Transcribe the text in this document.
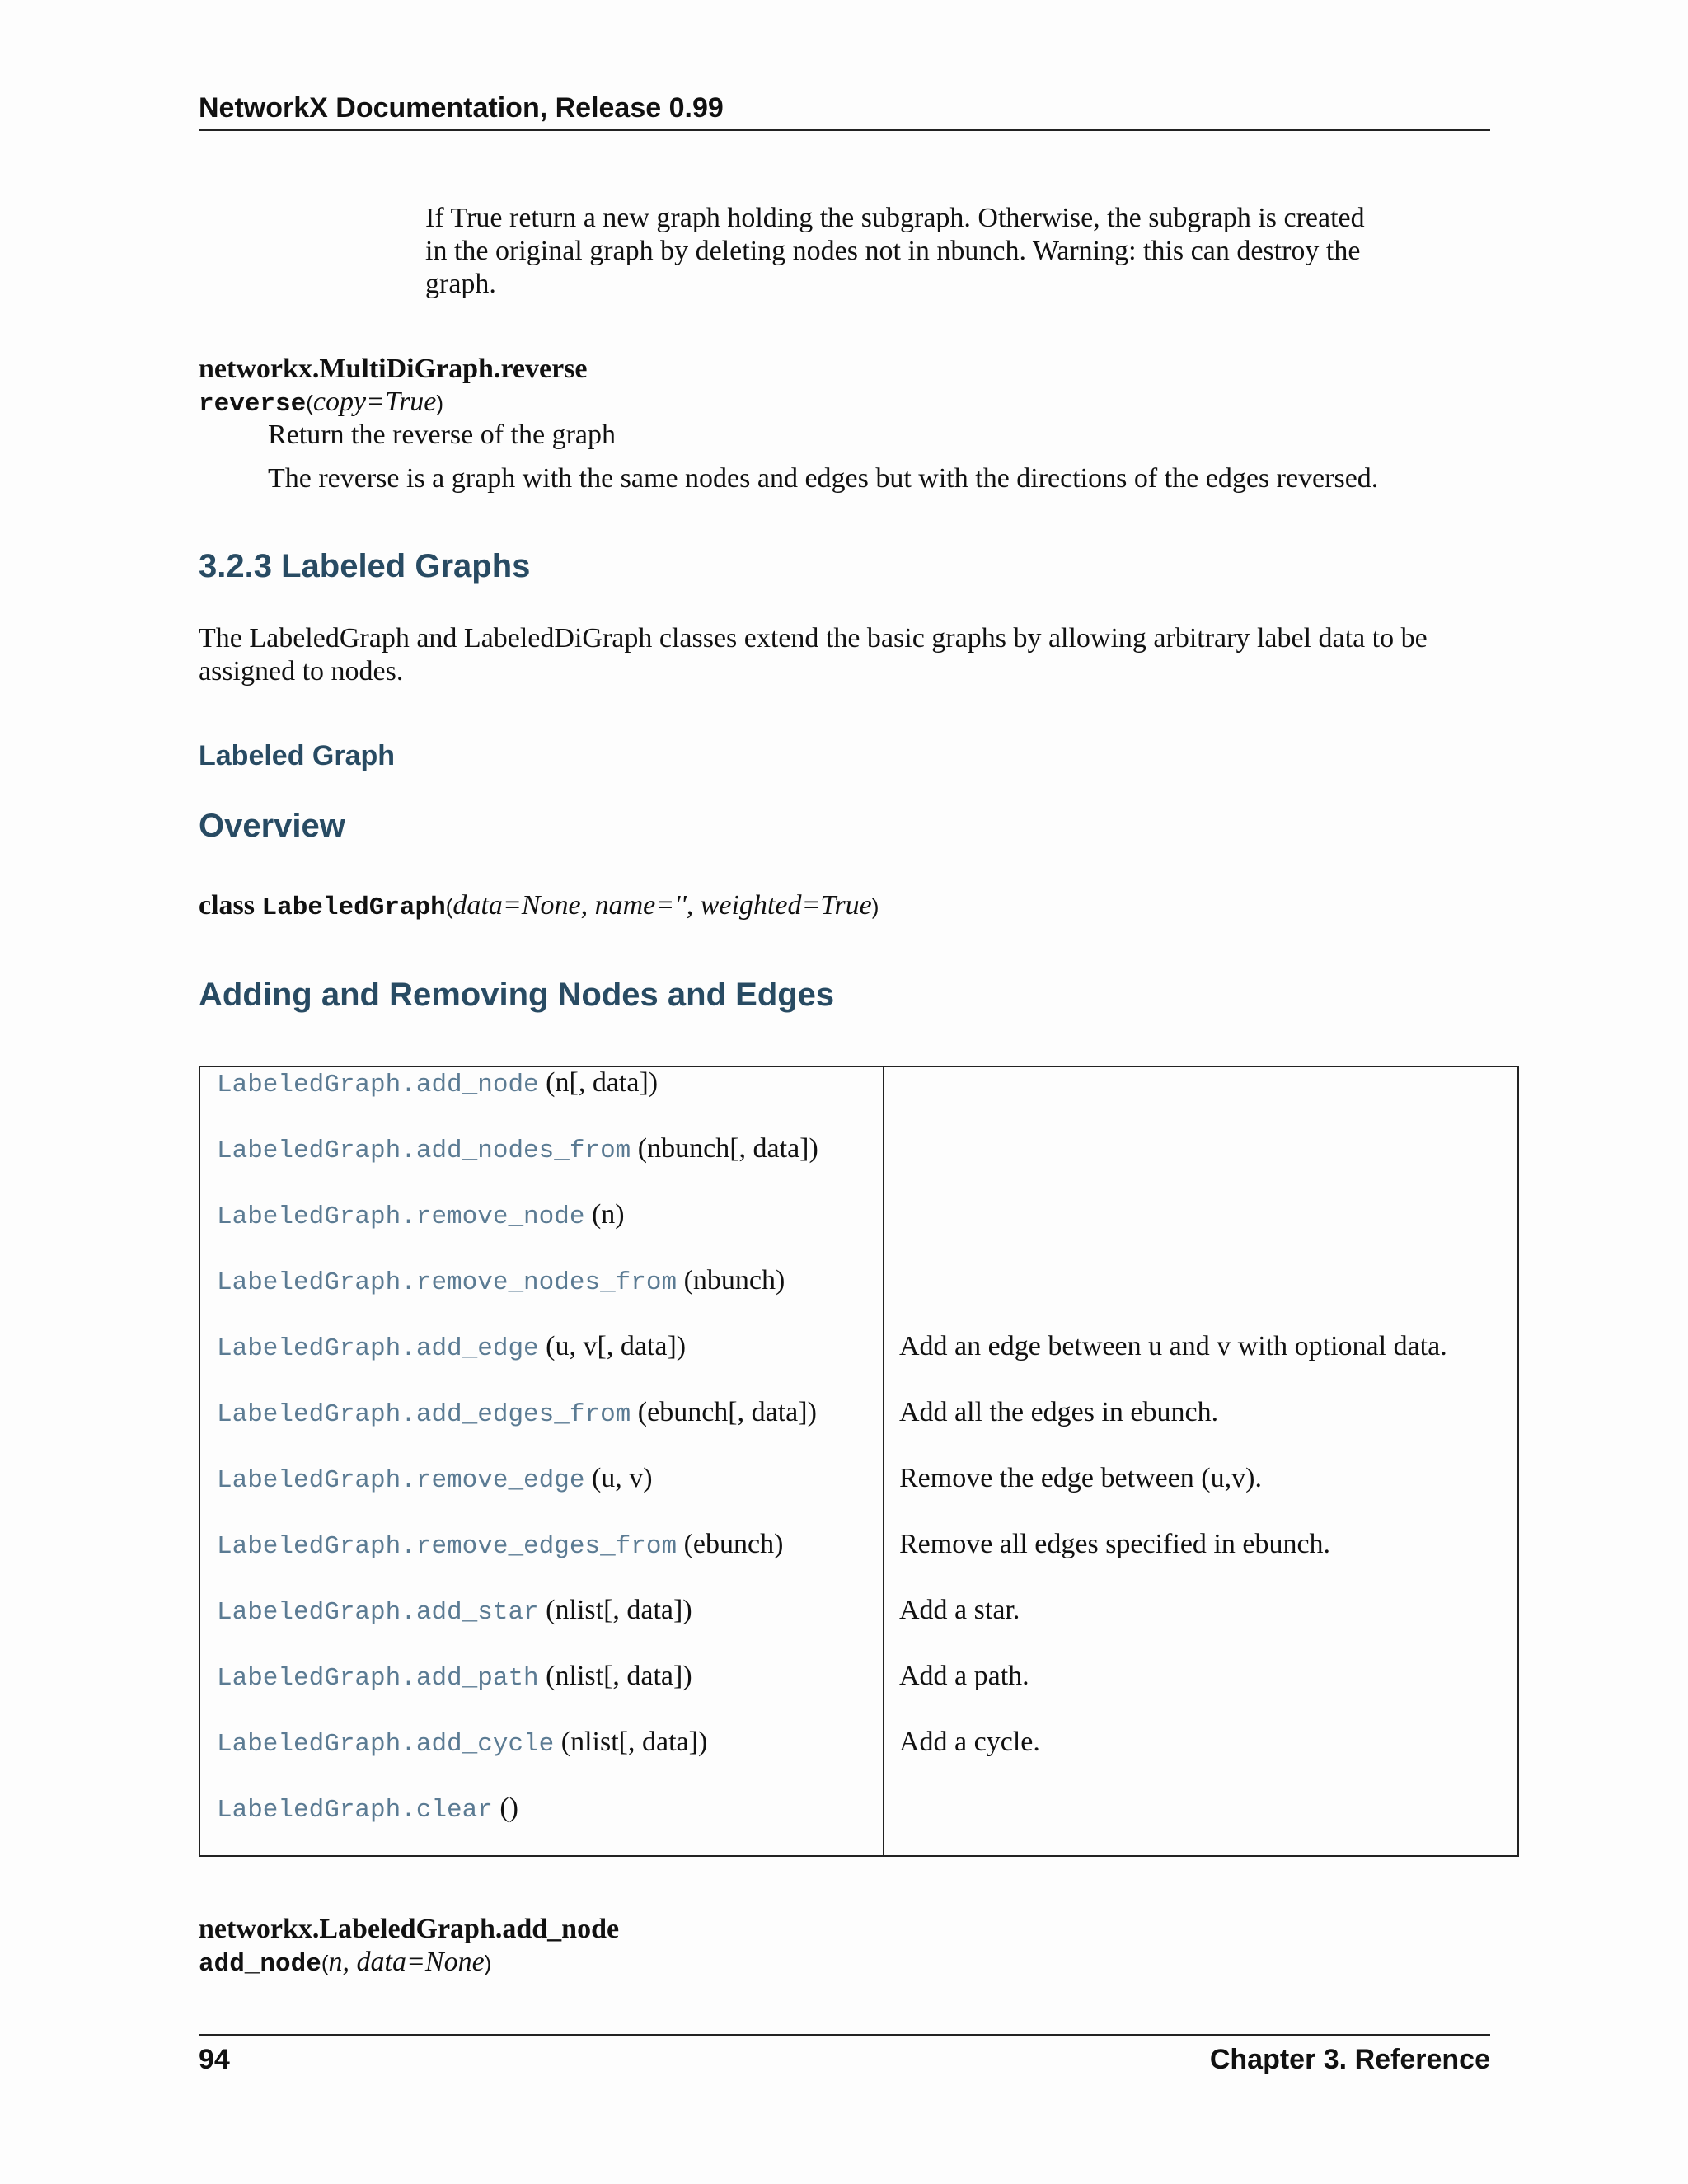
NetworkX Documentation, Release 0.99
If True return a new graph holding the subgraph. Otherwise, the subgraph is created in the original graph by deleting nodes not in nbunch. Warning: this can destroy the graph.
networkx.MultiDiGraph.reverse
reverse(copy=True)
Return the reverse of the graph
The reverse is a graph with the same nodes and edges but with the directions of the edges reversed.
3.2.3 Labeled Graphs
The LabeledGraph and LabeledDiGraph classes extend the basic graphs by allowing arbitrary label data to be assigned to nodes.
Labeled Graph
Overview
class LabeledGraph(data=None, name='', weighted=True)
Adding and Removing Nodes and Edges
LabeledGraph.add_node (n[, data])
LabeledGraph.add_nodes_from (nbunch[, data])
LabeledGraph.remove_node (n)
LabeledGraph.remove_nodes_from (nbunch)
LabeledGraph.add_edge (u, v[, data])	Add an edge between u and v with optional data.
LabeledGraph.add_edges_from (ebunch[, data])	Add all the edges in ebunch.
LabeledGraph.remove_edge (u, v)	Remove the edge between (u,v).
LabeledGraph.remove_edges_from (ebunch)	Remove all edges specified in ebunch.
LabeledGraph.add_star (nlist[, data])	Add a star.
LabeledGraph.add_path (nlist[, data])	Add a path.
LabeledGraph.add_cycle (nlist[, data])	Add a cycle.
LabeledGraph.clear ()
networkx.LabeledGraph.add_node
add_node(n, data=None)
94	Chapter 3. Reference
